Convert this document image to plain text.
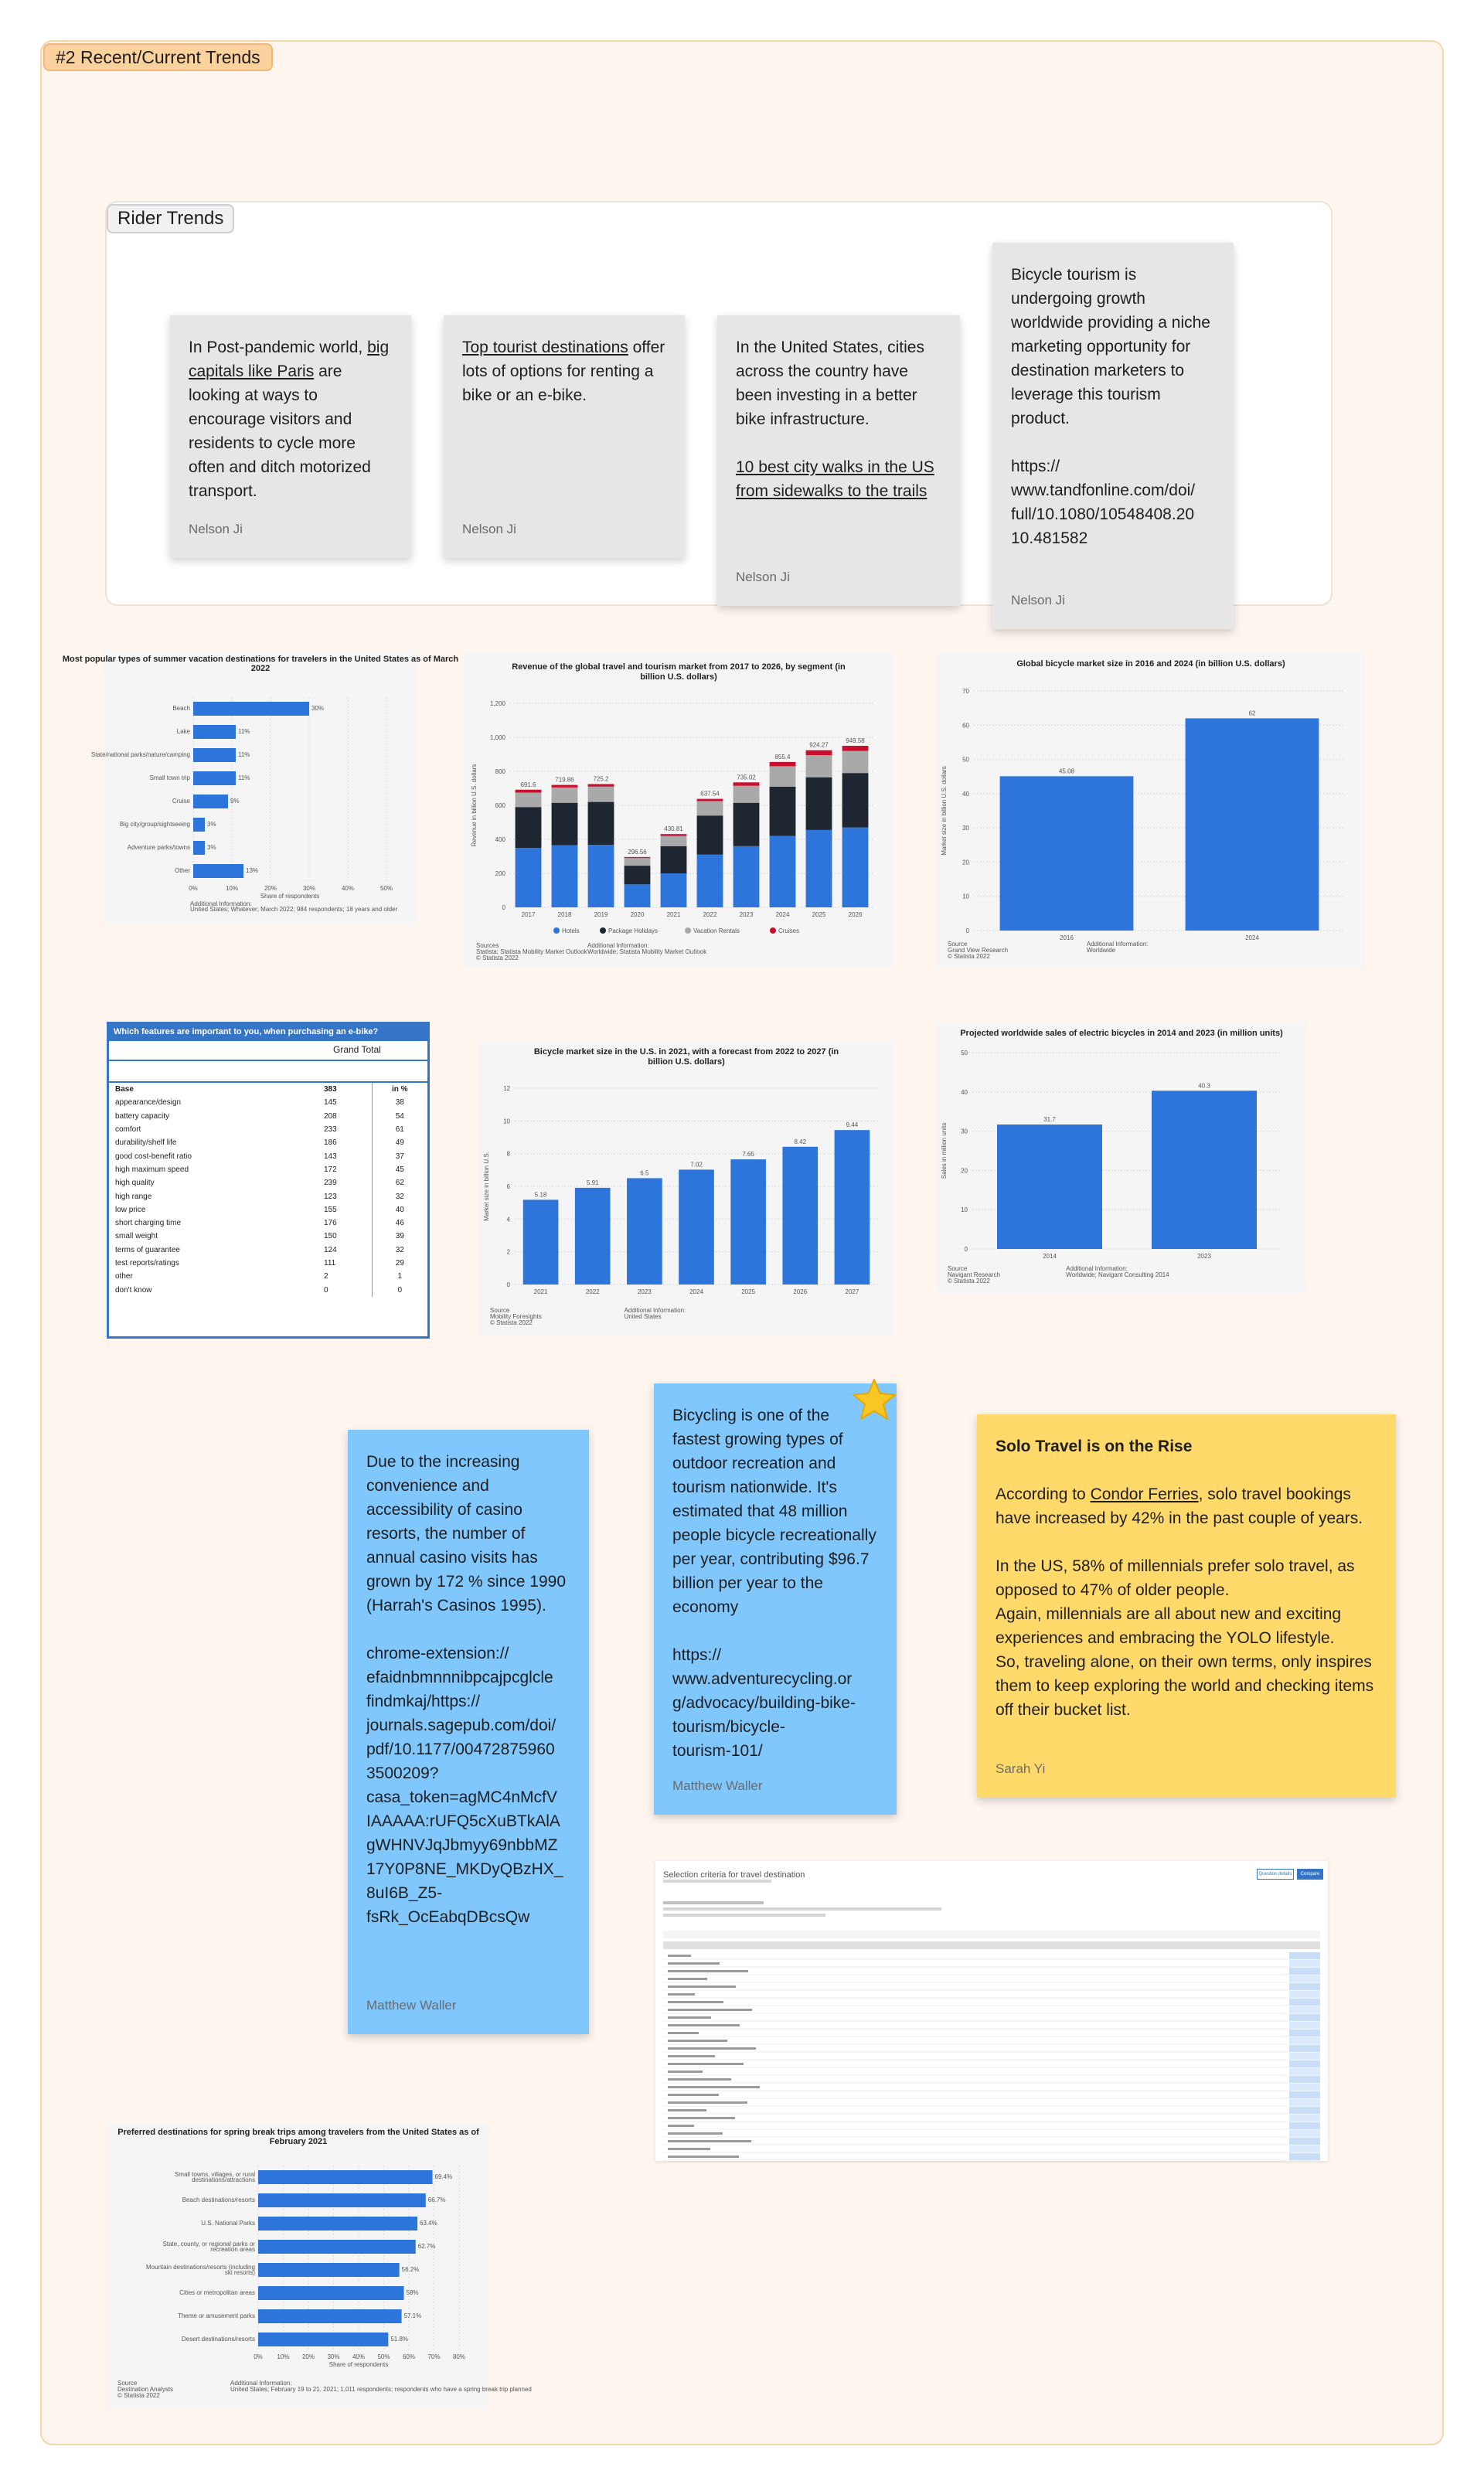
#2 Recent/Current Trends
Rider Trends
In Post-pandemic world, big capitals like Paris are looking at ways to encourage visitors and residents to cycle more often and ditch motorized transport.
Nelson Ji
Top tourist destinations offer lots of options for renting a bike or an e-bike.
Nelson Ji

In the United States, cities across the country have been investing in a better bike infrastructure.

10 best city walks in the US from sidewalks to the trails

Nelson Ji

Bicycle tourism is undergoing growth worldwide providing a niche marketing opportunity for destination marketers to leverage this tourism product.

https://
www.tandfonline.com/doi/
full/10.1080/10548408.20
10.481582

Nelson Ji
Most popular types of summer vacation destinations for travelers in the United States as of March
2022
0%	10%	20%	30%	40%	50%
Share of respondents
30%
Beach
11%
Lake
11%
State/national parks/nature/camping
11%
Small town trip
9%
Cruise
3%
Big city/group/sightseeing
3%
Adventure parks/towns
13%
Other
Additional Information:
United States; Whatever; March 2022; 984 respondents; 18 years and older
Revenue of the global travel and tourism market from 2017 to 2026, by segment (in
billion U.S. dollars)
0
200
400
600
800
1,000
1,200
Revenue in billion U.S. dollars	691.6
2017
719.86
2018
725.2
2019
296.56
2020
430.81
2021
637.54
2022
735.02
2023
855.4
2024
924.27
2025
949.58
2026
Hotels	Package Holidays	Vacation Rentals	Cruises
Sources
Statista; Statista Mobility Market Outlook
© Statista 2022
Additional Information:
Worldwide; Statista Mobility Market Outlook
Global bicycle market size in 2016 and 2024 (in billion U.S. dollars)
0
10
20
30
40
50
60
70
Market size in billion U.S. dollars	45.08
2016
62
2024
Source
Grand View Research
© Statista 2022
Additional Information:
Worldwide
Which features are important to you, when purchasing an e-bike?
Grand Total
Base	383	in %
appearance/design	145	38
battery capacity	208	54
comfort	233	61
durability/shelf life	186	49
good cost-benefit ratio	143	37
high maximum speed	172	45
high quality	239	62
high range	123	32
low price	155	40
short charging time	176	46
small weight	150	39
terms of guarantee	124	32
test reports/ratings	111	29
other	2	1
don't know	0	0
Bicycle market size in the U.S. in 2021, with a forecast from 2022 to 2027 (in
billion U.S. dollars)
0
2
4
6
8
10
12
Market size in billion U.S.	5.18
2021
5.91
2022
6.5
2023
7.02
2024
7.65
2025
8.42
2026
9.44
2027
Source
Mobility Foresights
© Statista 2022
Additional Information:
United States
Projected worldwide sales of electric bicycles in 2014 and 2023 (in million units)
0
10
20
30
40
50
Sales in million units
31.7
2014
40.3
2023
Source
Navigant Research
© Statista 2022
Additional Information:
Worldwide; Navigant Consulting 2014

Due to the increasing convenience and accessibility of casino resorts, the number of annual casino visits has grown by 172 % since 1990 (Harrah's Casinos 1995).

chrome-extension://
efaidnbmnnnibpcajpcglcle
findmkaj/https://
journals.sagepub.com/doi/
pdf/10.1177/00472875960
3500209?
casa_token=agMC4nMcfV
IAAAAA:rUFQ5cXuBTkAlA
gWHNVJqJbmyy69nbbMZ
17Y0P8NE_MKDyQBzHX_
8uI6B_Z5-
fsRk_OcEabqDBcsQw

Matthew Waller

Bicycling is one of the fastest growing types of outdoor recreation and tourism nationwide. It's estimated that 48 million people bicycle recreationally per year, contributing $96.7 billion per year to the economy

https://
www.adventurecycling.or
g/advocacy/building-bike-
tourism/bicycle-
tourism-101/

Matthew Waller

Solo Travel is on the Rise

According to Condor Ferries, solo travel bookings have increased by 42% in the past couple of years.

In the US, 58% of millennials prefer solo travel, as opposed to 47% of older people.
Again, millennials are all about new and exciting experiences and embracing the YOLO lifestyle.
So, traveling alone, on their own terms, only inspires them to keep exploring the world and checking items off their bucket list.

Sarah Yi
Selection criteria for travel destination	Question details	Compare
Preferred destinations for spring break trips among travelers from the United States as of
February 2021
0% 10% 20% 30% 40% 50% 60% 70% 80%
Share of respondents
69.4%
Small towns, villages, or rural
destinations/attractions
66.7%
Beach destinations/resorts
63.4%
U.S. National Parks
62.7%
State, county, or regional parks or
recreation areas
56.2%
Mountain destinations/resorts (including
ski resorts)
58%
Cities or metropolitan areas
57.1%
Theme or amusement parks
51.8%
Desert destinations/resorts
Source
Destination Analysts
© Statista 2022
Additional Information:
United States; February 19 to 21, 2021; 1,011 respondents; respondents who have a spring break trip planned
